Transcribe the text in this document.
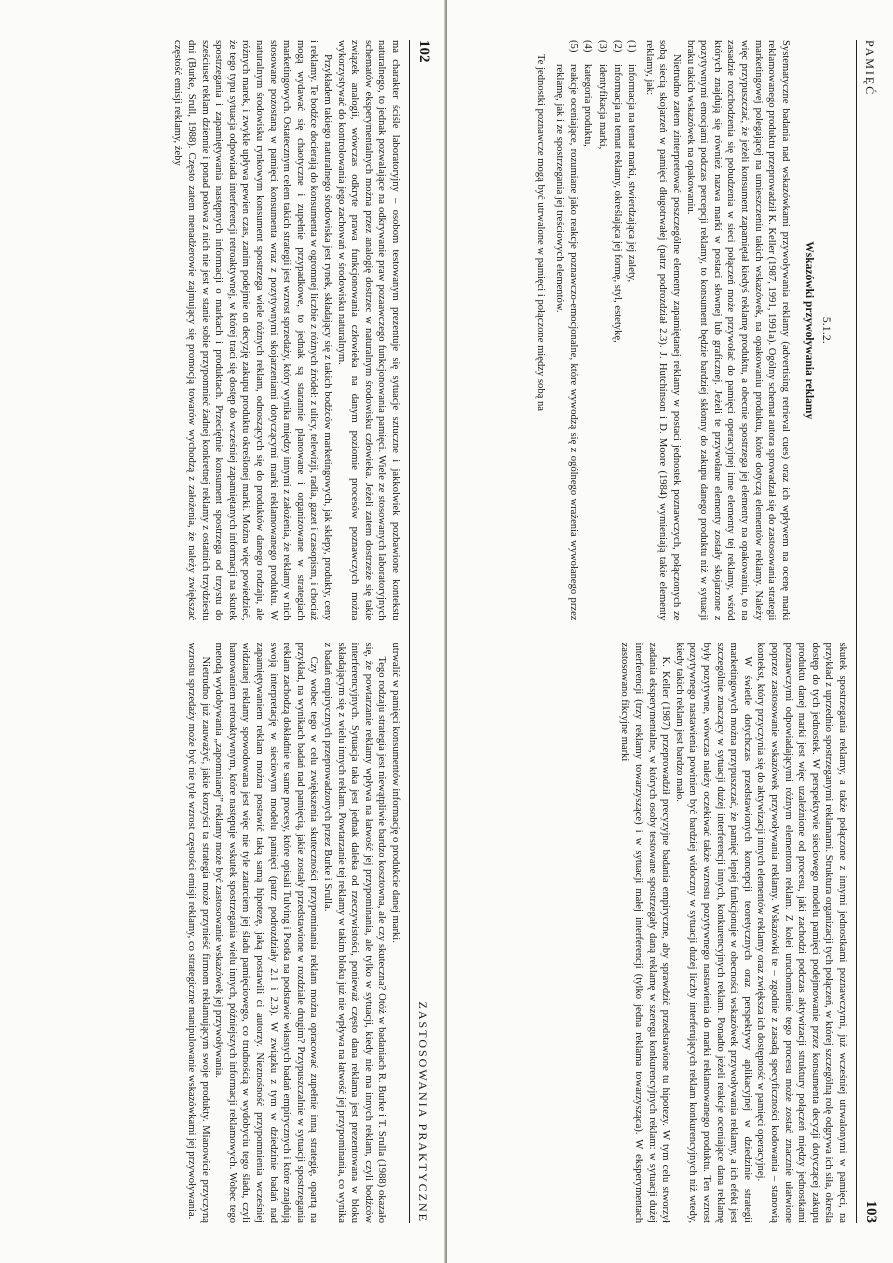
102
ZASTOSOWANIA PRAKTYCZNE

ma charakter ściśle laboratoryjny – osobom testowanym prezentuje się sytuacje sztuczne i jakkolwiek pozbawione kontekstu naturalnego, to jednak pozwalające na odkrywanie praw pozaawczego funkcjonowania pamięci. Wiele ze stosowanych laboratoryjnych schematów eksperymentalnych można przez analogię dostrzec w naturalnym środowisku człowieka. Jeżeli zatem dostrzeże się takie związek analogii, wówczas odkryte prawa funkcjonowania człowieka na danym poziomie procesów poznawczych można wykorzystywać do kontrolowania jego zachowań w środowisku naturalnym.

Przykładem takiego naturalnego środowiska jest rynek, składający się z takich bodźców marketingowych, jak sklepy, produkty, ceny i reklamy. Te bodźce docierają do konsumenta w ogromnej liczbie z różnych źródeł: z ulicy, telewizji, radia, gazet i czasopism, i chociaż mogą wydawać się chaotyczne i zupełnie przypadkowe, to jednak są starannie planowane i organizowane w strategiach marketingowych. Ostatecznym celem takich strategii jest wzrost sprzedaży, który wynika między innymi z założenia, że reklamy w nich stosowane pozostaną w pamięci konsumenta wraz z pozytywnymi skojarzeniami dotyczącymi marki reklamowanego produktu. W naturalnym środowisku rynkowym konsument spostrzega wiele różnych reklam, odnoszących się do produktów danego rodzaju, ale różnych marek, i zwykle upływa pewien czas, zanim podejmie on decyzję zakupu produktu określonej marki. Można więc powiedzieć, że tego typu sytuacja odpowiada interferencji retroaktywnej, w której traci się dostęp do wcześniej zapamiętanych informacji na skutek spostrzegania i zapamiętywania następnych informacji o markach i produktach. Przeciętnie konsument spostrzega od trzystu do sześciuset reklam dziennie i ponad połowa z nich nie jest w stanie sobie przypomnieć żadnej konkretnej reklamy z ostatnich trzydziestu dni (Burke, Srull, 1988). Często zatem menadżerowie zajmujący się promocją towarów wychodzą z założenia, że należy zwiększać częstość emisji reklamy, żeby

utrwalić w pamięci konsumentów informację o produkcie danej marki.

Tego rodzaju strategia jest niewątpliwie bardzo kosztowna, ale czy skuteczna? Otóż w badaniach R. Burke i T. Srulla (1988) okazało się, że powtarzanie reklamy wpływa na łatwość jej przypominania, ale tylko w sytuacji, kiedy nie ma innych reklam, czyli bodźców interferencyjnych. Sytuacja taka jest jednak daleka od rzeczywistości, ponieważ często dana reklama jest prezentowana w bloku składającym się z wielu innych reklam. Powtarzanie tej reklamy w takim bloku już nie wpływa na łatwość jej przypominania, co wynika z badań empirycznych przeprowadzonych przez Burke i Srulla.

Czy wobec tego w celu zwiększenia skuteczności przypominania reklam można opracować zupełnie inną strategię, opartą na przykład, na wynikach badań nad pamięcią, jakie zostały przedstawione w rozdziale drugim? Przypuszczalnie w sytuacji spostrzegania reklam zachodzą dokładnie te same procesy, które opisali Tulving i Psotka na podstawie własnych badań empirycznych i które znajdują swoją interpretację w sieciowym modelu pamięci (patrz podrozdziały 2.1 i 2.3). W związku z tym w dziedzinie badań nad zapamiętywaniem reklam można postawić taką samą hipotezę, jaką postawili ci autorzy. Nieznośność przypomnienia wcześniej widzianej reklamy spowodowana jest więc nie tyle zatarciem jej śladu pamięciowego, co trudnością w wydobyciu tego śladu, czyli hamowaniem retroaktywnym, które następuje wskutek spostrzegania wielu innych, późniejszych informacji reklamowych. Wobec tego metodą wydobywania „zapomnianej” reklamy może być zastosowanie wskazówek jej przywoływania.

Nietrudno już zauważyć, jakie korzyści ta strategia może przynieść firmom reklamującym swoje produkty. Mianowicie przyczyną wzrostu sprzedaży może być nie tyle wzrost częstości emisji reklamy, co strategiczne manipulowanie wskazówkami jej przywoływania.

PAMIĘĆ
103
5.1.2.
Wskazówki przywoływania reklamy

Systematyczne badania nad wskazówkami przywoływania reklamy (advertising retrieval cues) oraz ich wpływem na ocenę marki reklamowanego produktu przeprowadził K. Keller (1987, 1991, 1991a). Ogólny schemat autora sprowadzał się do zastosowania strategii marketingowej polegającej na umieszczeniu takich wskazówek, na opakowaniu produktu, które dotyczą elementów reklamy. Należy więc przypuszczać, że jeżeli konsument zapamiętał kiedyś reklamę produktu, a obecnie spostrzega jej elementy na opakowaniu, to na zasadzie rozchodzenia się pobudzenia w sieci połączeń może przywołać do pamięci operacyjnej inne elementy tej reklamy, wśród których znajdują się również nazwa marki w postaci słownej lub graficznej. Jeżeli te przywołane elementy zostały skojarzone z pozytywnymi emocjami podczas percepcji reklamy, to konsument będzie bardziej skłonny do zakupu danego produktu niż w sytuacji braku takich wskazówek na opakowaniu.

Nietrudno zatem zinterpretować poszczególne elementy zapamiętanej reklamy w postaci jednostek poznawczych, połączonych ze sobą siecią skojarzeń w pamięci długotrwałej (patrz podrozdział 2.3). J. Hutchinson i D. Moore (1984) wymieniają takie elementy reklamy, jak:

(1)
informacja na temat marki, stwierdzająca jej zalety,
(2)
informacja na temat reklamy, określająca jej formę, styl, estetykę,
(3)
identyfikacja marki,
(4)
kategoria produktu,
(5)
reakcje oceniające, rozumiane jako reakcje poznawczo-emocjonalne, które wywodzą się z ogólnego wrażenia wywołanego przez reklamę, jak i ze spostrzegania jej treściowych elementów.

Te jednostki poznawcze mogą być utrwalone w pamięci i połączone między sobą na

skutek spostrzegania reklamy, a także połączone z innymi jednostkami poznawczymi, już wcześniej utrwalonymi w pamięci, na przykład z uprzednio spostrzeganymi reklamami. Struktura organizacji tych połączeń, w której szczególną rolę odgrywa ich siła, określa dostęp do tych jednostek. W perspektywie sieciowego modelu pamięci podejmowanie przez konsumenta decyzji dotyczącej zakupu produktu danej marki jest więc uzależnione od procesu, jaki zachodzi podczas aktywizacji struktury połączeń między jednostkami poznawczymi odpowiadającymi różnym elementom reklam. Z kolei uruchomienie tego procesu może zostać znacznie ułatwione poprzez zastosowanie wskazówek przywoływania reklamy. Wskazówki te – zgodnie z zasadą specyficzności kodowania – stanowią kontekst, który przyczynia się do aktywizacji innych elementów reklamy oraz zwiększa ich dostępność w pamięci operacyjnej.

W świetle dotychczas przedstawionych koncepcji teoretycznych oraz perspektywy aplikacyjnej w dziedzinie strategii marketingowych można przypuszczać, że pamięć lepiej funkcjonuje w obecności wskazówek przywoływania reklamy, a ich efekt jest szczególnie znaczący w sytuacji dużej interferencji innych, konkurencyjnych reklam. Ponadto jeżeli reakcje oceniające dana reklamę były pozytywne, wówczas należy oczekiwać także wzrostu pozytywnego nastawienia do marki reklamowanego produktu. Ten wzrost pozytywnego nastawienia powinien być bardziej widoczny w sytuacji dużej liczby interferujących reklam konkurencyjnych niż wtedy, kiedy takich reklam jest bardzo mało.

K. Keller (1987) przeprowadził precyzyjne badania empiryczne, aby sprawdzić przedstawione tu hipotezy. W tym celu stworzył zadania eksperymentalne, w których osoby testowane spostrzegały daną reklamę w szeregu konkurencyjnych reklam: w sytuacji dużej interferencji (trzy reklamy towarzyszące) i w sytuacji małej interferencji (tylko jedna reklama towarzysząca). W eksperymentach zastosowano fikcyjne marki
